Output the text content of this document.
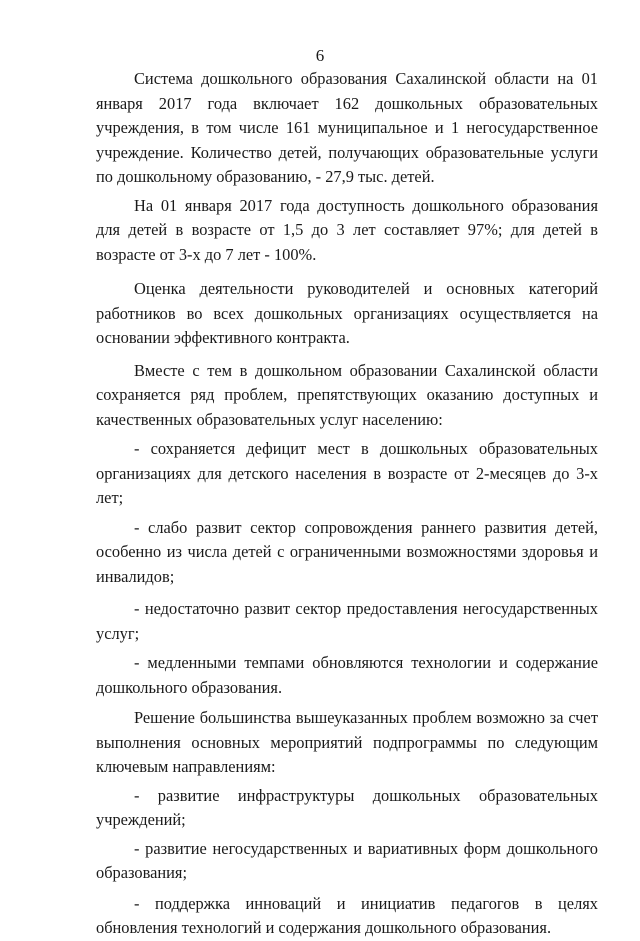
6

Система дошкольного образования Сахалинской области на 01 января 2017 года включает 162 дошкольных образовательных учреждения, в том числе 161 муниципальное и 1 негосударственное учреждение. Количество детей, получающих образовательные услуги по дошкольному образованию, - 27,9 тыс. детей.

На 01 января 2017 года доступность дошкольного образования для детей в возрасте от 1,5 до 3 лет составляет 97%; для детей в возрасте от 3-х до 7 лет - 100%.

Оценка деятельности руководителей и основных категорий работников во всех дошкольных организациях осуществляется на основании эффективного контракта.

Вместе с тем в дошкольном образовании Сахалинской области сохраняется ряд проблем, препятствующих оказанию доступных и качественных образовательных услуг населению:

- сохраняется дефицит мест в дошкольных образовательных организациях для детского населения в возрасте от 2-месяцев до 3-х лет;

- слабо развит сектор сопровождения раннего развития детей, особенно из числа детей с ограниченными возможностями здоровья и инвалидов;

- недостаточно развит сектор предоставления негосударственных услуг;

- медленными темпами обновляются технологии и содержание дошкольного образования.

Решение большинства вышеуказанных проблем возможно за счет выполнения основных мероприятий подпрограммы по следующим ключевым направлениям:

- развитие инфраструктуры дошкольных образовательных учреждений;

- развитие негосударственных и вариативных форм дошкольного образования;

- поддержка инноваций и инициатив педагогов в целях обновления технологий и содержания дошкольного образования.
